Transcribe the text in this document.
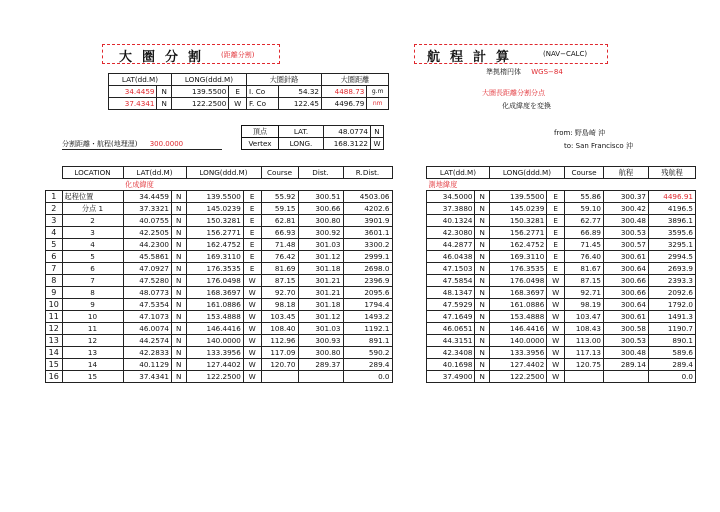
大圏分割 (距離分割)	航程計算	(NAV−CALC)
準拠楕円体 WGS−84
大圏長距離分割分点
化成緯度を変換
from: 野島崎 沖
to: San Francisco 沖
LAT(dd.M)		LONG(ddd.M)		大圏針路		大圏距離	
34.4459	N	139.5500	E	I. Co	54.32	4488.73	g.m
37.4341	N	122.2500	W	F. Co	122.45	4496.79	nm
頂点	LAT.	48.0774	N
Vertex	LONG.	168.3122	W
分割距離・航程(地理浬) 300.0000
	LOCATION	LAT(dd.M)		LONG(ddd.M)		Course	Dist.	R.Dist.
		化成緯度						
1	起程位置	34.4459	N	139.5500	E	55.92	300.51	4503.06
2	分点 1	37.3321	N	145.0239	E	59.15	300.66	4202.6
3	2	40.0755	N	150.3281	E	62.81	300.80	3901.9
4	3	42.2505	N	156.2771	E	66.93	300.92	3601.1
5	4	44.2300	N	162.4752	E	71.48	301.03	3300.2
6	5	45.5861	N	169.3110	E	76.42	301.12	2999.1
7	6	47.0927	N	176.3535	E	81.69	301.18	2698.0
8	7	47.5280	N	176.0498	W	87.15	301.21	2396.9
9	8	48.0773	N	168.3697	W	92.70	301.21	2095.6
10	9	47.5354	N	161.0886	W	98.18	301.18	1794.4
11	10	47.1073	N	153.4888	W	103.45	301.12	1493.2
12	11	46.0074	N	146.4416	W	108.40	301.03	1192.1
13	12	44.2574	N	140.0000	W	112.96	300.93	891.1
14	13	42.2833	N	133.3956	W	117.09	300.80	590.2
15	14	40.1129	N	127.4402	W	120.70	289.37	289.4
16	15	37.4341	N	122.2500	W			0.0
LAT(dd.M)		LONG(ddd.M)		Course	航程	残航程
測地緯度						
34.5000	N	139.5500	E	55.86	300.37	4496.91
37.3880	N	145.0239	E	59.10	300.42	4196.5
40.1324	N	150.3281	E	62.77	300.48	3896.1
42.3080	N	156.2771	E	66.89	300.53	3595.6
44.2877	N	162.4752	E	71.45	300.57	3295.1
46.0438	N	169.3110	E	76.40	300.61	2994.5
47.1503	N	176.3535	E	81.67	300.64	2693.9
47.5854	N	176.0498	W	87.15	300.66	2393.3
48.1347	N	168.3697	W	92.71	300.66	2092.6
47.5929	N	161.0886	W	98.19	300.64	1792.0
47.1649	N	153.4888	W	103.47	300.61	1491.3
46.0651	N	146.4416	W	108.43	300.58	1190.7
44.3151	N	140.0000	W	113.00	300.53	890.1
42.3408	N	133.3956	W	117.13	300.48	589.6
40.1698	N	127.4402	W	120.75	289.14	289.4
37.4900	N	122.2500	W			0.0
